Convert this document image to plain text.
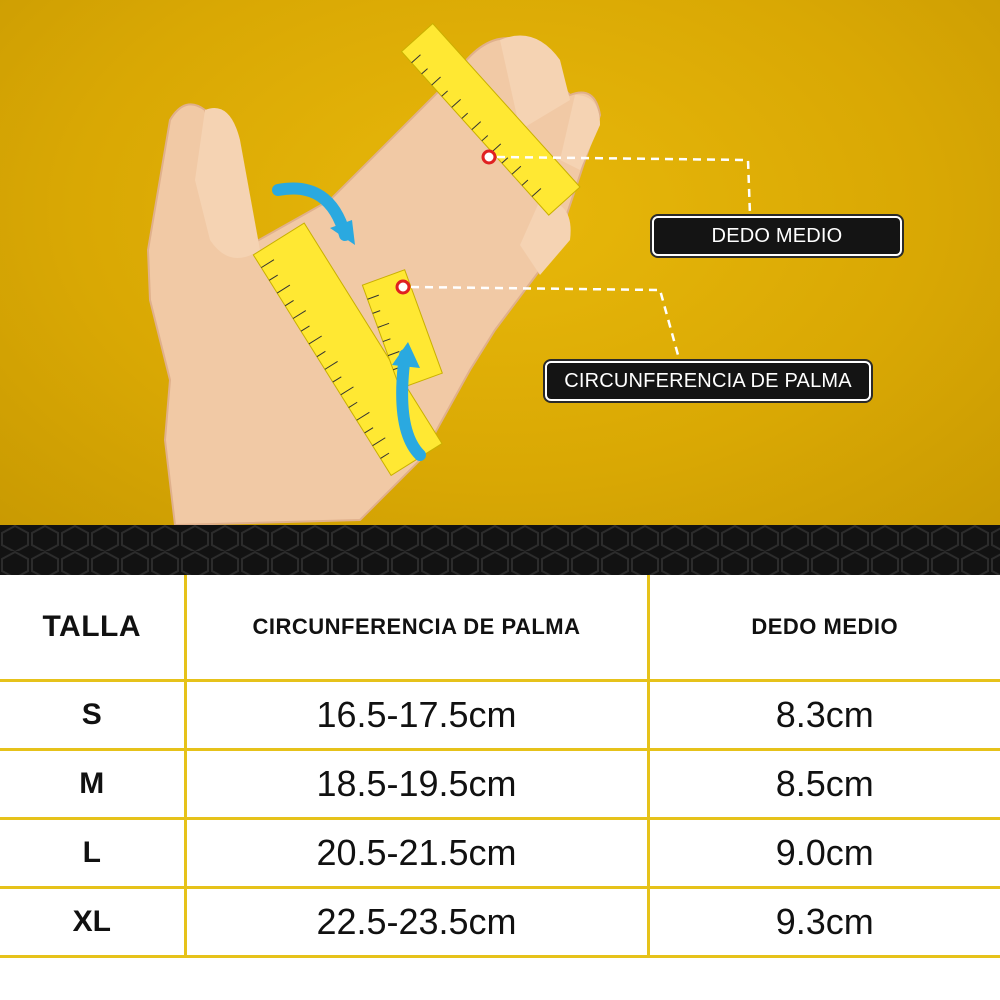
DEDO MEDIO
CIRCUNFERENCIA DE PALMA
TALLA	CIRCUNFERENCIA DE PALMA	DEDO MEDIO
S	16.5-17.5cm	8.3cm
M	18.5-19.5cm	8.5cm
L	20.5-21.5cm	9.0cm
XL	22.5-23.5cm	9.3cm
